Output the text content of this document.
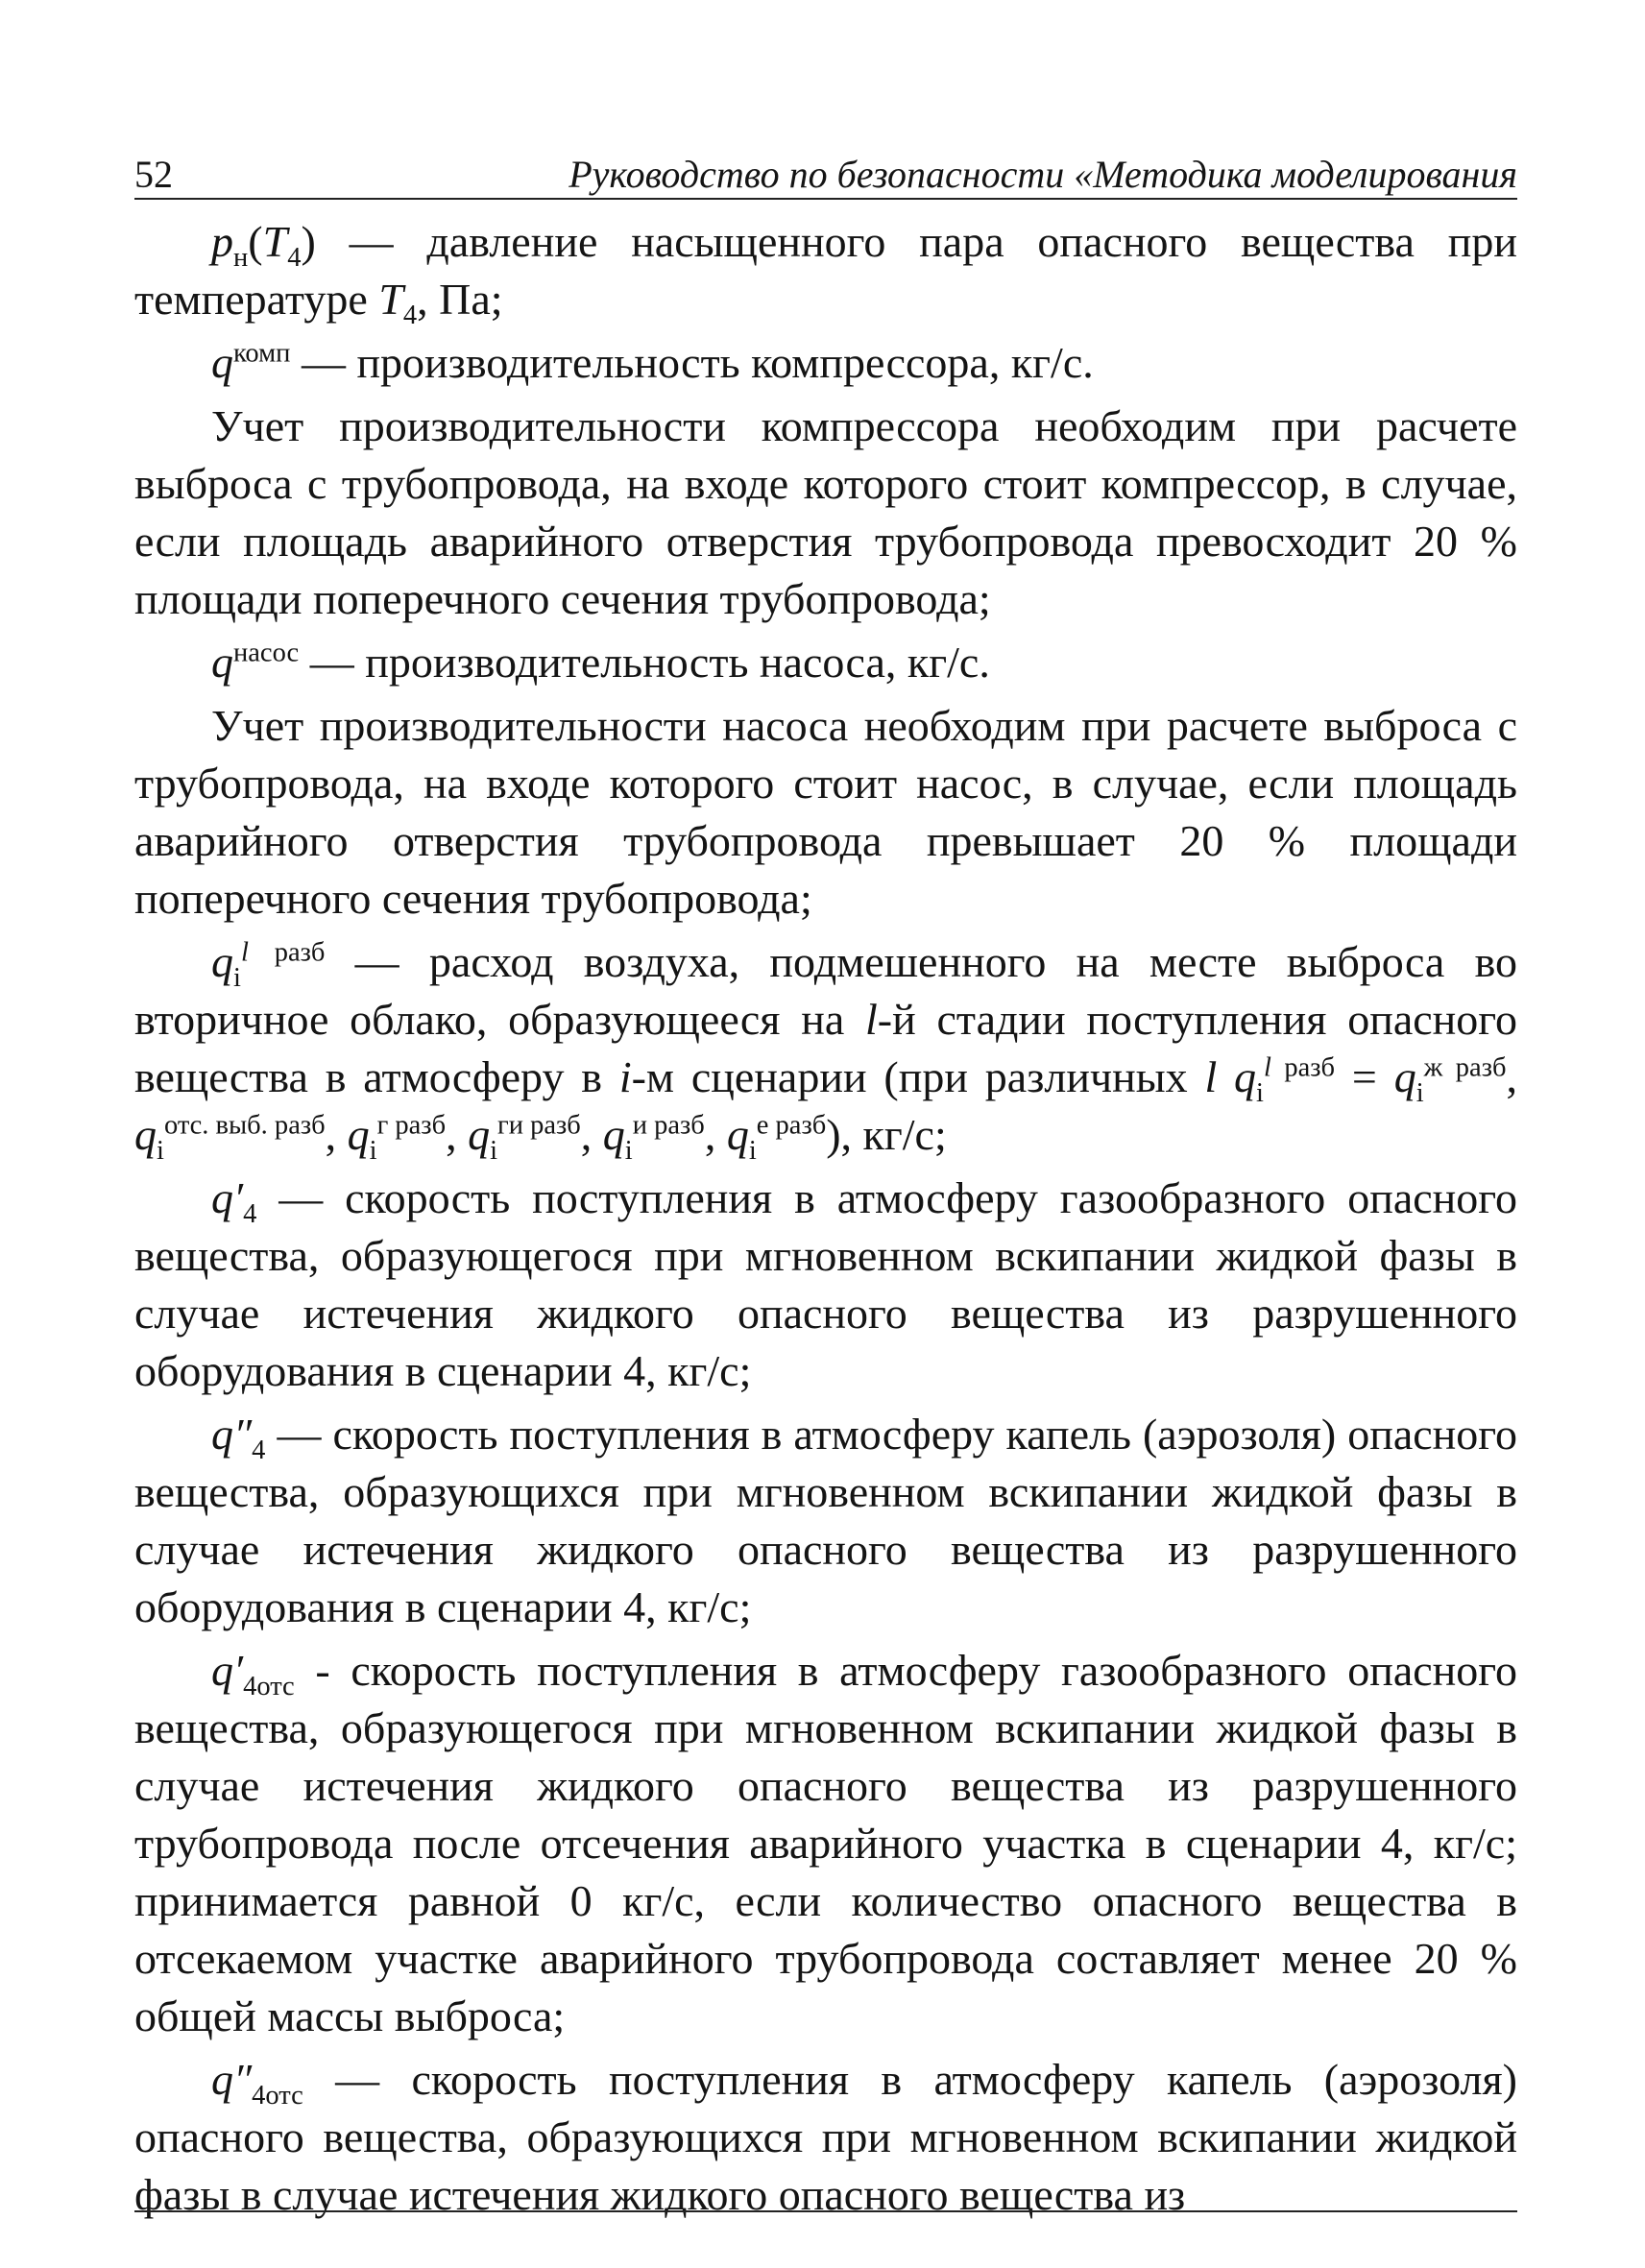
52	Руководство по безопасности «Методика моделирования

$p_н(T_4)$ — давление насыщенного пара опасного вещества при температуре $T_4$, Па;

$q^{комп}$ — производительность компрессора, кг/с.

Учет производительности компрессора необходим при расчете выброса с трубопровода, на входе которого стоит компрессор, в случае, если площадь аварийного отверстия трубопровода превосходит 20 % площади поперечного сечения трубопровода;

$q^{насос}$ — производительность насоса, кг/с.

Учет производительности насоса необходим при расчете выброса с трубопровода, на входе которого стоит насос, в случае, если площадь аварийного отверстия трубопровода превышает 20 % площади поперечного сечения трубопровода;

$q_i^{l разб}$ — расход воздуха, подмешенного на месте выброса во вторичное облако, образующееся на l-й стадии поступления опасного вещества в атмосферу в i-м сценарии (при различных l $q_i^{l разб} = q_i^{ж разб}$, $q_i^{отс. выб. разб}$, $q_i^{г разб}$, $q_i^{ги разб}$, $q_i^{и разб}$, $q_i^{е разб}$), кг/с;

$q'_4$ — скорость поступления в атмосферу газообразного опасного вещества, образующегося при мгновенном вскипании жидкой фазы в случае истечения жидкого опасного вещества из разрушенного оборудования в сценарии 4, кг/с;

$q''_4$ — скорость поступления в атмосферу капель (аэрозоля) опасного вещества, образующихся при мгновенном вскипании жидкой фазы в случае истечения жидкого опасного вещества из разрушенного оборудования в сценарии 4, кг/с;

$q'_{4отс}$ - скорость поступления в атмосферу газообразного опасного вещества, образующегося при мгновенном вскипании жидкой фазы в случае истечения жидкого опасного вещества из разрушенного трубопровода после отсечения аварийного участка в сценарии 4, кг/с; принимается равной 0 кг/с, если количество опасного вещества в отсекаемом участке аварийного трубопровода составляет менее 20 % общей массы выброса;

$q''_{4отс}$ — скорость поступления в атмосферу капель (аэрозоля) опасного вещества, образующихся при мгновенном вскипании жидкой фазы в случае истечения жидкого опасного вещества из
